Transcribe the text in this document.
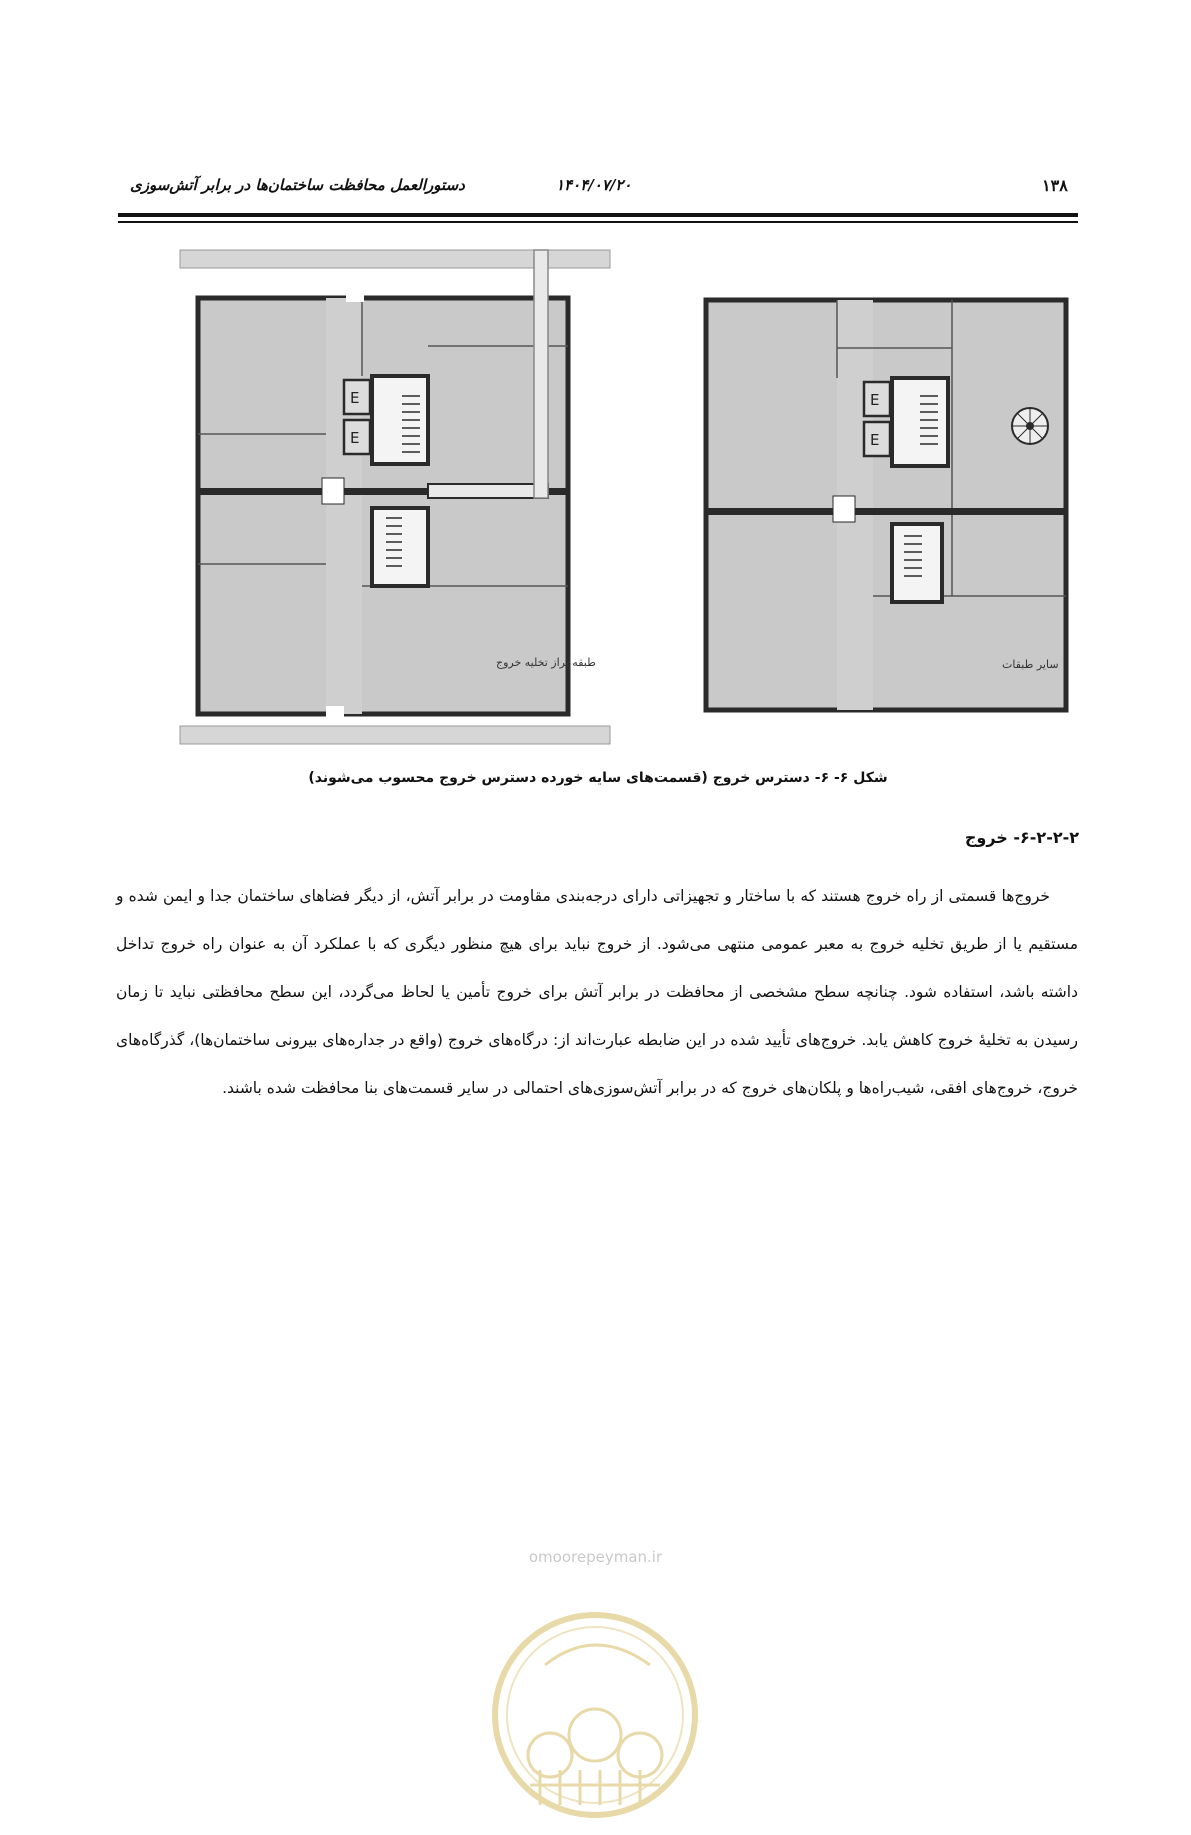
۱۳۸
۱۴۰۴/۰۷/۲۰
دستورالعمل محافظت ساختمان‌ها در برابر آتش‌سوزی
E
E
طبقه تراز تخلیه خروج
E
E
سایر طبقات
شکل ۶- ۶- دسترس خروج (قسمت‌های سایه خورده دسترس خروج محسوب می‌شوند)
۶-۲-۲-۲- خروج

خروج‌ها قسمتی از راه خروج هستند که با ساختار و تجهیزاتی دارای درجه‌بندی مقاومت در برابر آتش، از دیگر فضاهای ساختمان جدا و ایمن شده و مستقیم یا از طریق تخلیه خروج به معبر عمومی منتهی می‌شود. از خروج نباید برای هیچ منظور دیگری که با عملکرد آن به عنوان راه خروج تداخل داشته باشد، استفاده شود. چنانچه سطح مشخصی از محافظت در برابر آتش برای خروج تأمین یا لحاظ می‌گردد، این سطح محافظتی نباید تا زمان رسیدن به تخلیهٔ خروج کاهش یابد. خروج‌های تأیید شده در این ضابطه عبارت‌اند از: درگاه‌های خروج (واقع در جداره‌های بیرونی ساختمان‌ها)، گذرگاه‌های خروج، خروج‌های افقی، شیب‌راه‌ها و پلکان‌های خروج که در برابر آتش‌سوزی‌های احتمالی در سایر قسمت‌های بنا محافظت شده باشند.

omoorepeyman.ir
